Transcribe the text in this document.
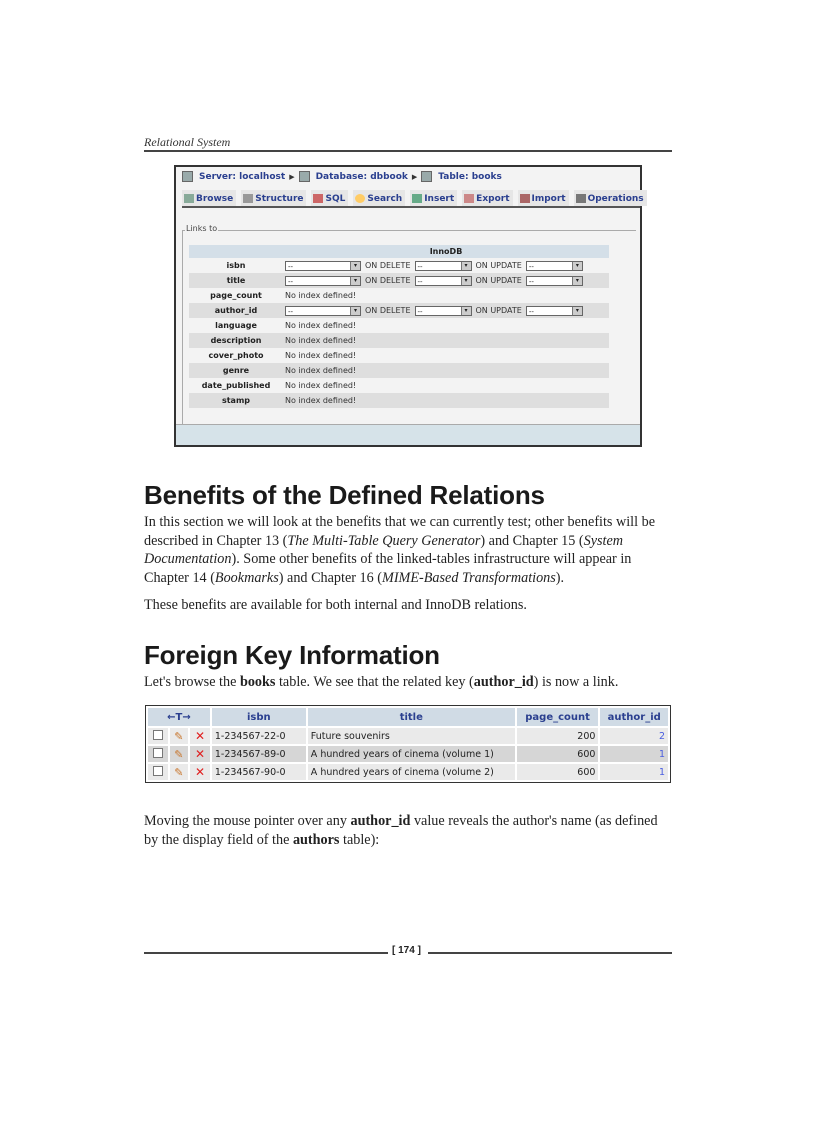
Relational System
Server: localhost ▶ Database: dbbook ▶ Table: books
Browse Structure SQL Search Insert Export Import Operations
Links to
	InnoDB
isbn	--	▾	ON DELETE --	▾	ON UPDATE --	▾

title	--	▾	ON DELETE --	▾	ON UPDATE --	▾

page_count	No index defined!
author_id	--	▾	ON DELETE --	▾	ON UPDATE --	▾

language	No index defined!
description	No index defined!
cover_photo	No index defined!
genre	No index defined!
date_published	No index defined!
stamp	No index defined!
Benefits of the Defined Relations

In this section we will look at the benefits that we can currently test; other benefits will be described in Chapter 13 (The Multi-Table Query Generator) and Chapter 15 (System Documentation). Some other benefits of the linked-tables infrastructure will appear in Chapter 14 (Bookmarks) and Chapter 16 (MIME-Based Transformations).

These benefits are available for both internal and InnoDB relations.

Foreign Key Information

Let's browse the books table. We see that the related key (author_id) is now a link.

←T→			isbn	title	page_count	author_id
	✎	✕	1-234567-22-0	Future souvenirs	200	2
	✎	✕	1-234567-89-0	A hundred years of cinema (volume 1)	600	1
	✎	✕	1-234567-90-0	A hundred years of cinema (volume 2)	600	1

Moving the mouse pointer over any author_id value reveals the author's name (as defined by the display field of the authors table):

[ 174 ]
